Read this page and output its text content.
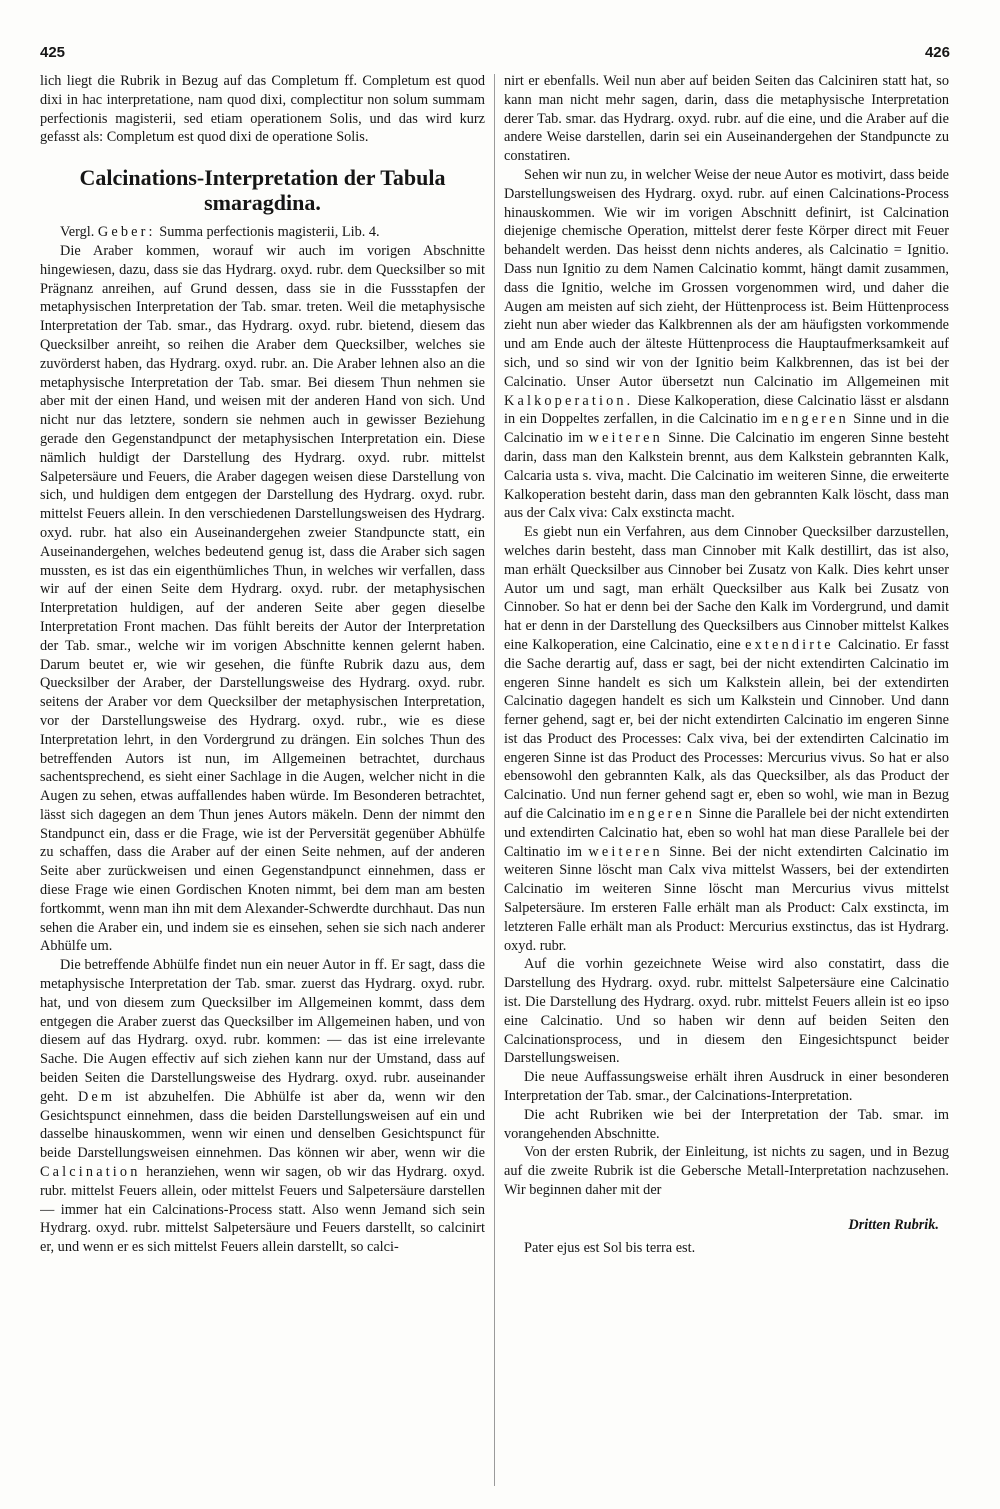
425	426

lich liegt die Rubrik in Bezug auf das Completum ff. Completum est quod dixi in hac interpretatione, nam quod dixi, complectitur non solum summam perfectionis magisterii, sed etiam operationem Solis, und das wird kurz gefasst als: Completum est quod dixi de operatione Solis.

Calcinations-Interpretation der Tabula smaragdina.

Vergl. Geber: Summa perfectionis magisterii, Lib. 4.

Die Araber kommen, worauf wir auch im vorigen Abschnitte hingewiesen, dazu, dass sie das Hydrarg. oxyd. rubr. dem Quecksilber so mit Prägnanz anreihen, auf Grund dessen, dass sie in die Fussstapfen der metaphysischen Interpretation der Tab. smar. treten. Weil die metaphysische Interpretation der Tab. smar., das Hydrarg. oxyd. rubr. bietend, diesem das Quecksilber anreiht, so reihen die Araber dem Quecksilber, welches sie zuvörderst haben, das Hydrarg. oxyd. rubr. an. Die Araber lehnen also an die metaphysische Interpretation der Tab. smar. Bei diesem Thun nehmen sie aber mit der einen Hand, und weisen mit der anderen Hand von sich. Und nicht nur das letztere, sondern sie nehmen auch in gewisser Beziehung gerade den Gegenstandpunct der metaphysischen Interpretation ein. Diese nämlich huldigt der Darstellung des Hydrarg. oxyd. rubr. mittelst Salpetersäure und Feuers, die Araber dagegen weisen diese Darstellung von sich, und huldigen dem entgegen der Darstellung des Hydrarg. oxyd. rubr. mittelst Feuers allein. In den verschiedenen Darstellungsweisen des Hydrarg. oxyd. rubr. hat also ein Auseinandergehen zweier Standpuncte statt, ein Auseinandergehen, welches bedeutend genug ist, dass die Araber sich sagen mussten, es ist das ein eigenthümliches Thun, in welches wir verfallen, dass wir auf der einen Seite dem Hydrarg. oxyd. rubr. der metaphysischen Interpretation huldigen, auf der anderen Seite aber gegen dieselbe Interpretation Front machen. Das fühlt bereits der Autor der Interpretation der Tab. smar., welche wir im vorigen Abschnitte kennen gelernt haben. Darum beutet er, wie wir gesehen, die fünfte Rubrik dazu aus, dem Quecksilber der Araber, der Darstellungsweise des Hydrarg. oxyd. rubr. seitens der Araber vor dem Quecksilber der metaphysischen Interpretation, vor der Darstellungsweise des Hydrarg. oxyd. rubr., wie es diese Interpretation lehrt, in den Vordergrund zu drängen. Ein solches Thun des betreffenden Autors ist nun, im Allgemeinen betrachtet, durchaus sachentsprechend, es sieht einer Sachlage in die Augen, welcher nicht in die Augen zu sehen, etwas auffallendes haben würde. Im Besonderen betrachtet, lässt sich dagegen an dem Thun jenes Autors mäkeln. Denn der nimmt den Standpunct ein, dass er die Frage, wie ist der Perversität gegenüber Abhülfe zu schaffen, dass die Araber auf der einen Seite nehmen, auf der anderen Seite aber zurückweisen und einen Gegenstandpunct einnehmen, dass er diese Frage wie einen Gordischen Knoten nimmt, bei dem man am besten fortkommt, wenn man ihn mit dem Alexander-Schwerdte durchhaut. Das nun sehen die Araber ein, und indem sie es einsehen, sehen sie sich nach anderer Abhülfe um.

Die betreffende Abhülfe findet nun ein neuer Autor in ff. Er sagt, dass die metaphysische Interpretation der Tab. smar. zuerst das Hydrarg. oxyd. rubr. hat, und von diesem zum Quecksilber im Allgemeinen kommt, dass dem entgegen die Araber zuerst das Quecksilber im Allgemeinen haben, und von diesem auf das Hydrarg. oxyd. rubr. kommen: — das ist eine irrelevante Sache. Die Augen effectiv auf sich ziehen kann nur der Umstand, dass auf beiden Seiten die Darstellungsweise des Hydrarg. oxyd. rubr. auseinander geht. Dem ist abzuhelfen. Die Abhülfe ist aber da, wenn wir den Gesichtspunct einnehmen, dass die beiden Darstellungsweisen auf ein und dasselbe hinauskommen, wenn wir einen und denselben Gesichtspunct für beide Darstellungsweisen einnehmen. Das können wir aber, wenn wir die Calcination heranziehen, wenn wir sagen, ob wir das Hydrarg. oxyd. rubr. mittelst Feuers allein, oder mittelst Feuers und Salpetersäure darstellen — immer hat ein Calcinations-Process statt. Also wenn Jemand sich sein Hydrarg. oxyd. rubr. mittelst Salpetersäure und Feuers darstellt, so calcinirt er, und wenn er es sich mittelst Feuers allein darstellt, so calci-

nirt er ebenfalls. Weil nun aber auf beiden Seiten das Calciniren statt hat, so kann man nicht mehr sagen, darin, dass die metaphysische Interpretation derer Tab. smar. das Hydrarg. oxyd. rubr. auf die eine, und die Araber auf die andere Weise darstellen, darin sei ein Auseinandergehen der Standpuncte zu constatiren.

Sehen wir nun zu, in welcher Weise der neue Autor es motivirt, dass beide Darstellungsweisen des Hydrarg. oxyd. rubr. auf einen Calcinations-Process hinauskommen. Wie wir im vorigen Abschnitt definirt, ist Calcination diejenige chemische Operation, mittelst derer feste Körper direct mit Feuer behandelt werden. Das heisst denn nichts anderes, als Calcinatio = Ignitio. Dass nun Ignitio zu dem Namen Calcinatio kommt, hängt damit zusammen, dass die Ignitio, welche im Grossen vorgenommen wird, und daher die Augen am meisten auf sich zieht, der Hüttenprocess ist. Beim Hüttenprocess zieht nun aber wieder das Kalkbrennen als der am häufigsten vorkommende und am Ende auch der älteste Hüttenprocess die Hauptaufmerksamkeit auf sich, und so sind wir von der Ignitio beim Kalkbrennen, das ist bei der Calcinatio. Unser Autor übersetzt nun Calcinatio im Allgemeinen mit Kalkoperation. Diese Kalkoperation, diese Calcinatio lässt er alsdann in ein Doppeltes zerfallen, in die Calcinatio im engeren Sinne und in die Calcinatio im weiteren Sinne. Die Calcinatio im engeren Sinne besteht darin, dass man den Kalkstein brennt, aus dem Kalkstein gebrannten Kalk, Calcaria usta s. viva, macht. Die Calcinatio im weiteren Sinne, die erweiterte Kalkoperation besteht darin, dass man den gebrannten Kalk löscht, dass man aus der Calx viva: Calx exstincta macht.

Es giebt nun ein Verfahren, aus dem Cinnober Quecksilber darzustellen, welches darin besteht, dass man Cinnober mit Kalk destillirt, das ist also, man erhält Quecksilber aus Cinnober bei Zusatz von Kalk. Dies kehrt unser Autor um und sagt, man erhält Quecksilber aus Kalk bei Zusatz von Cinnober. So hat er denn bei der Sache den Kalk im Vordergrund, und damit hat er denn in der Darstellung des Quecksilbers aus Cinnober mittelst Kalkes eine Kalkoperation, eine Calcinatio, eine extendirte Calcinatio. Er fasst die Sache derartig auf, dass er sagt, bei der nicht extendirten Calcinatio im engeren Sinne handelt es sich um Kalkstein allein, bei der extendirten Calcinatio dagegen handelt es sich um Kalkstein und Cinnober. Und dann ferner gehend, sagt er, bei der nicht extendirten Calcinatio im engeren Sinne ist das Product des Processes: Calx viva, bei der extendirten Calcinatio im engeren Sinne ist das Product des Processes: Mercurius vivus. So hat er also ebensowohl den gebrannten Kalk, als das Quecksilber, als das Product der Calcinatio. Und nun ferner gehend sagt er, eben so wohl, wie man in Bezug auf die Calcinatio im engeren Sinne die Parallele bei der nicht extendirten und extendirten Calcinatio hat, eben so wohl hat man diese Parallele bei der Caltinatio im weiteren Sinne. Bei der nicht extendirten Calcinatio im weiteren Sinne löscht man Calx viva mittelst Wassers, bei der extendirten Calcinatio im weiteren Sinne löscht man Mercurius vivus mittelst Salpetersäure. Im ersteren Falle erhält man als Product: Calx exstincta, im letzteren Falle erhält man als Product: Mercurius exstinctus, das ist Hydrarg. oxyd. rubr.

Auf die vorhin gezeichnete Weise wird also constatirt, dass die Darstellung des Hydrarg. oxyd. rubr. mittelst Salpetersäure eine Calcinatio ist. Die Darstellung des Hydrarg. oxyd. rubr. mittelst Feuers allein ist eo ipso eine Calcinatio. Und so haben wir denn auf beiden Seiten den Calcinationsprocess, und in diesem den Eingesichtspunct beider Darstellungsweisen.

Die neue Auffassungsweise erhält ihren Ausdruck in einer besonderen Interpretation der Tab. smar., der Calcinations-Interpretation.

Die acht Rubriken wie bei der Interpretation der Tab. smar. im vorangehenden Abschnitte.

Von der ersten Rubrik, der Einleitung, ist nichts zu sagen, und in Bezug auf die zweite Rubrik ist die Gebersche Metall-Interpretation nachzusehen. Wir beginnen daher mit der

Dritten Rubrik.

Pater ejus est Sol bis terra est.
